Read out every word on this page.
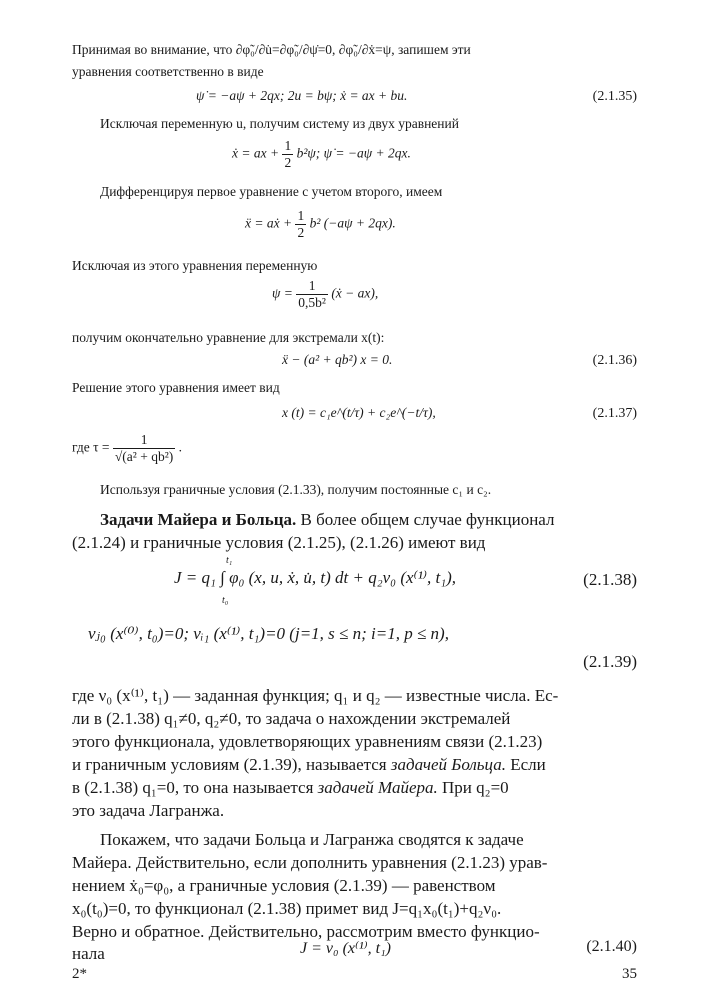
Принимая во внимание, что ∂φ̃₀/∂u̇=∂φ̃₀/∂ψ̇=0, ∂φ̃₀/∂ẋ=ψ, запишем эти
уравнения соответственно в виде
ψ̇ = −aψ + 2qx; 2u = bψ; ẋ = ax + bu.	(2.1.35)
Исключая переменную u, получим систему из двух уравнений
ẋ = ax + $\frac{1}{2} b^2\psi$; ψ̇ = −aψ + 2qx.
Дифференцируя первое уравнение с учетом второго, имеем
ẍ = aẋ + $\frac{1}{2} b^2$ (−aψ + 2qx).
Исключая из этого уравнения переменную
$\psi = \frac{1}{\text{0,5b²}}$ (ẋ − ax),
получим окончательно уравнение для экстремали x(t):
ẍ − (a² + qb²) x = 0.	(2.1.36)
Решение этого уравнения имеет вид
x (t) = c₁e^(t/τ) + c₂e^(−t/τ),	(2.1.37)
где $\tau = \frac{1}{\text{√(a² + qb²)}}$ .
Используя граничные условия (2.1.33), получим постоянные c₁ и c₂.
Задачи Майера и Больца. В более общем случае функционал
(2.1.24) и граничные условия (2.1.25), (2.1.26) имеют вид
J = q₁ ∫ φ₀ (x, u, ẋ, u̇, t) dt + q₂ν₀ (x⁽¹⁾, t₁),
t₁
t₀
(2.1.38)
νⱼ₀ (x⁽⁰⁾, t₀)=0; νᵢ₁ (x⁽¹⁾, t₁)=0 (j=1, s ≤ n; i=1, p ≤ n),
(2.1.39)
где ν₀ (x⁽¹⁾, t₁) — заданная функция; q₁ и q₂ — известные числа. Ес-
ли в (2.1.38) q₁≠0, q₂≠0, то задача о нахождении экстремалей
этого функционала, удовлетворяющих уравнениям связи (2.1.23)
и граничным условиям (2.1.39), называется задачей Больца. Если
в (2.1.38) q₁=0, то она называется задачей Майера. При q₂=0
это задача Лагранжа.
Покажем, что задачи Больца и Лагранжа сводятся к задаче
Майера. Действительно, если дополнить уравнения (2.1.23) урав-
нением ẋ₀=φ₀, а граничные условия (2.1.39) — равенством
x₀(t₀)=0, то функционал (2.1.38) примет вид J=q₁x₀(t₁)+q₂ν₀.
Верно и обратное. Действительно, рассмотрим вместо функцио-
2*	35
нала	J = ν₀ (x⁽¹⁾, t₁)	(2.1.40)
